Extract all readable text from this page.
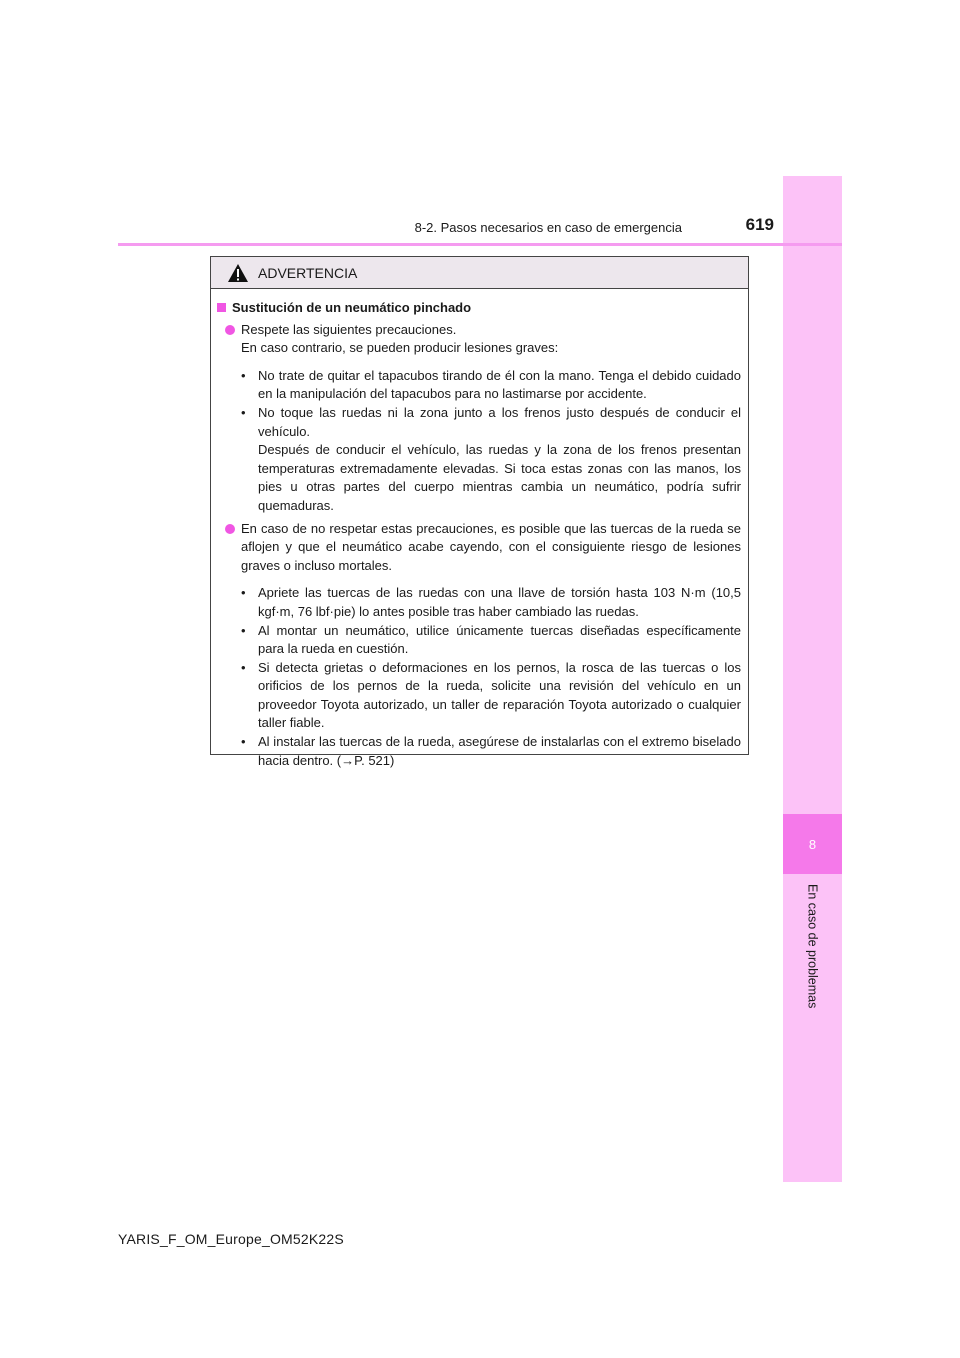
8
En caso de problemas
8-2. Pasos necesarios en caso de emergencia	619
ADVERTENCIA
Sustitución de un neumático pinchado
Respete las siguientes precauciones.
En caso contrario, se pueden producir lesiones graves:
• No trate de quitar el tapacubos tirando de él con la mano. Tenga el debido cuidado en la manipulación del tapacubos para no lastimarse por accidente.
• No toque las ruedas ni la zona junto a los frenos justo después de conducir el vehículo.
Después de conducir el vehículo, las ruedas y la zona de los frenos presentan temperaturas extremadamente elevadas. Si toca estas zonas con las manos, los pies u otras partes del cuerpo mientras cambia un neumático, podría sufrir quemaduras.
En caso de no respetar estas precauciones, es posible que las tuercas de la rueda se aflojen y que el neumático acabe cayendo, con el consiguiente riesgo de lesiones graves o incluso mortales.
• Apriete las tuercas de las ruedas con una llave de torsión hasta 103 N·m (10,5 kgf·m, 76 lbf·pie) lo antes posible tras haber cambiado las ruedas.
• Al montar un neumático, utilice únicamente tuercas diseñadas específicamente para la rueda en cuestión.
• Si detecta grietas o deformaciones en los pernos, la rosca de las tuercas o los orificios de los pernos de la rueda, solicite una revisión del vehículo en un proveedor Toyota autorizado, un taller de reparación Toyota autorizado o cualquier taller fiable.
• Al instalar las tuercas de la rueda, asegúrese de instalarlas con el extremo biselado hacia dentro. (→P. 521)
YARIS_F_OM_Europe_OM52K22S
